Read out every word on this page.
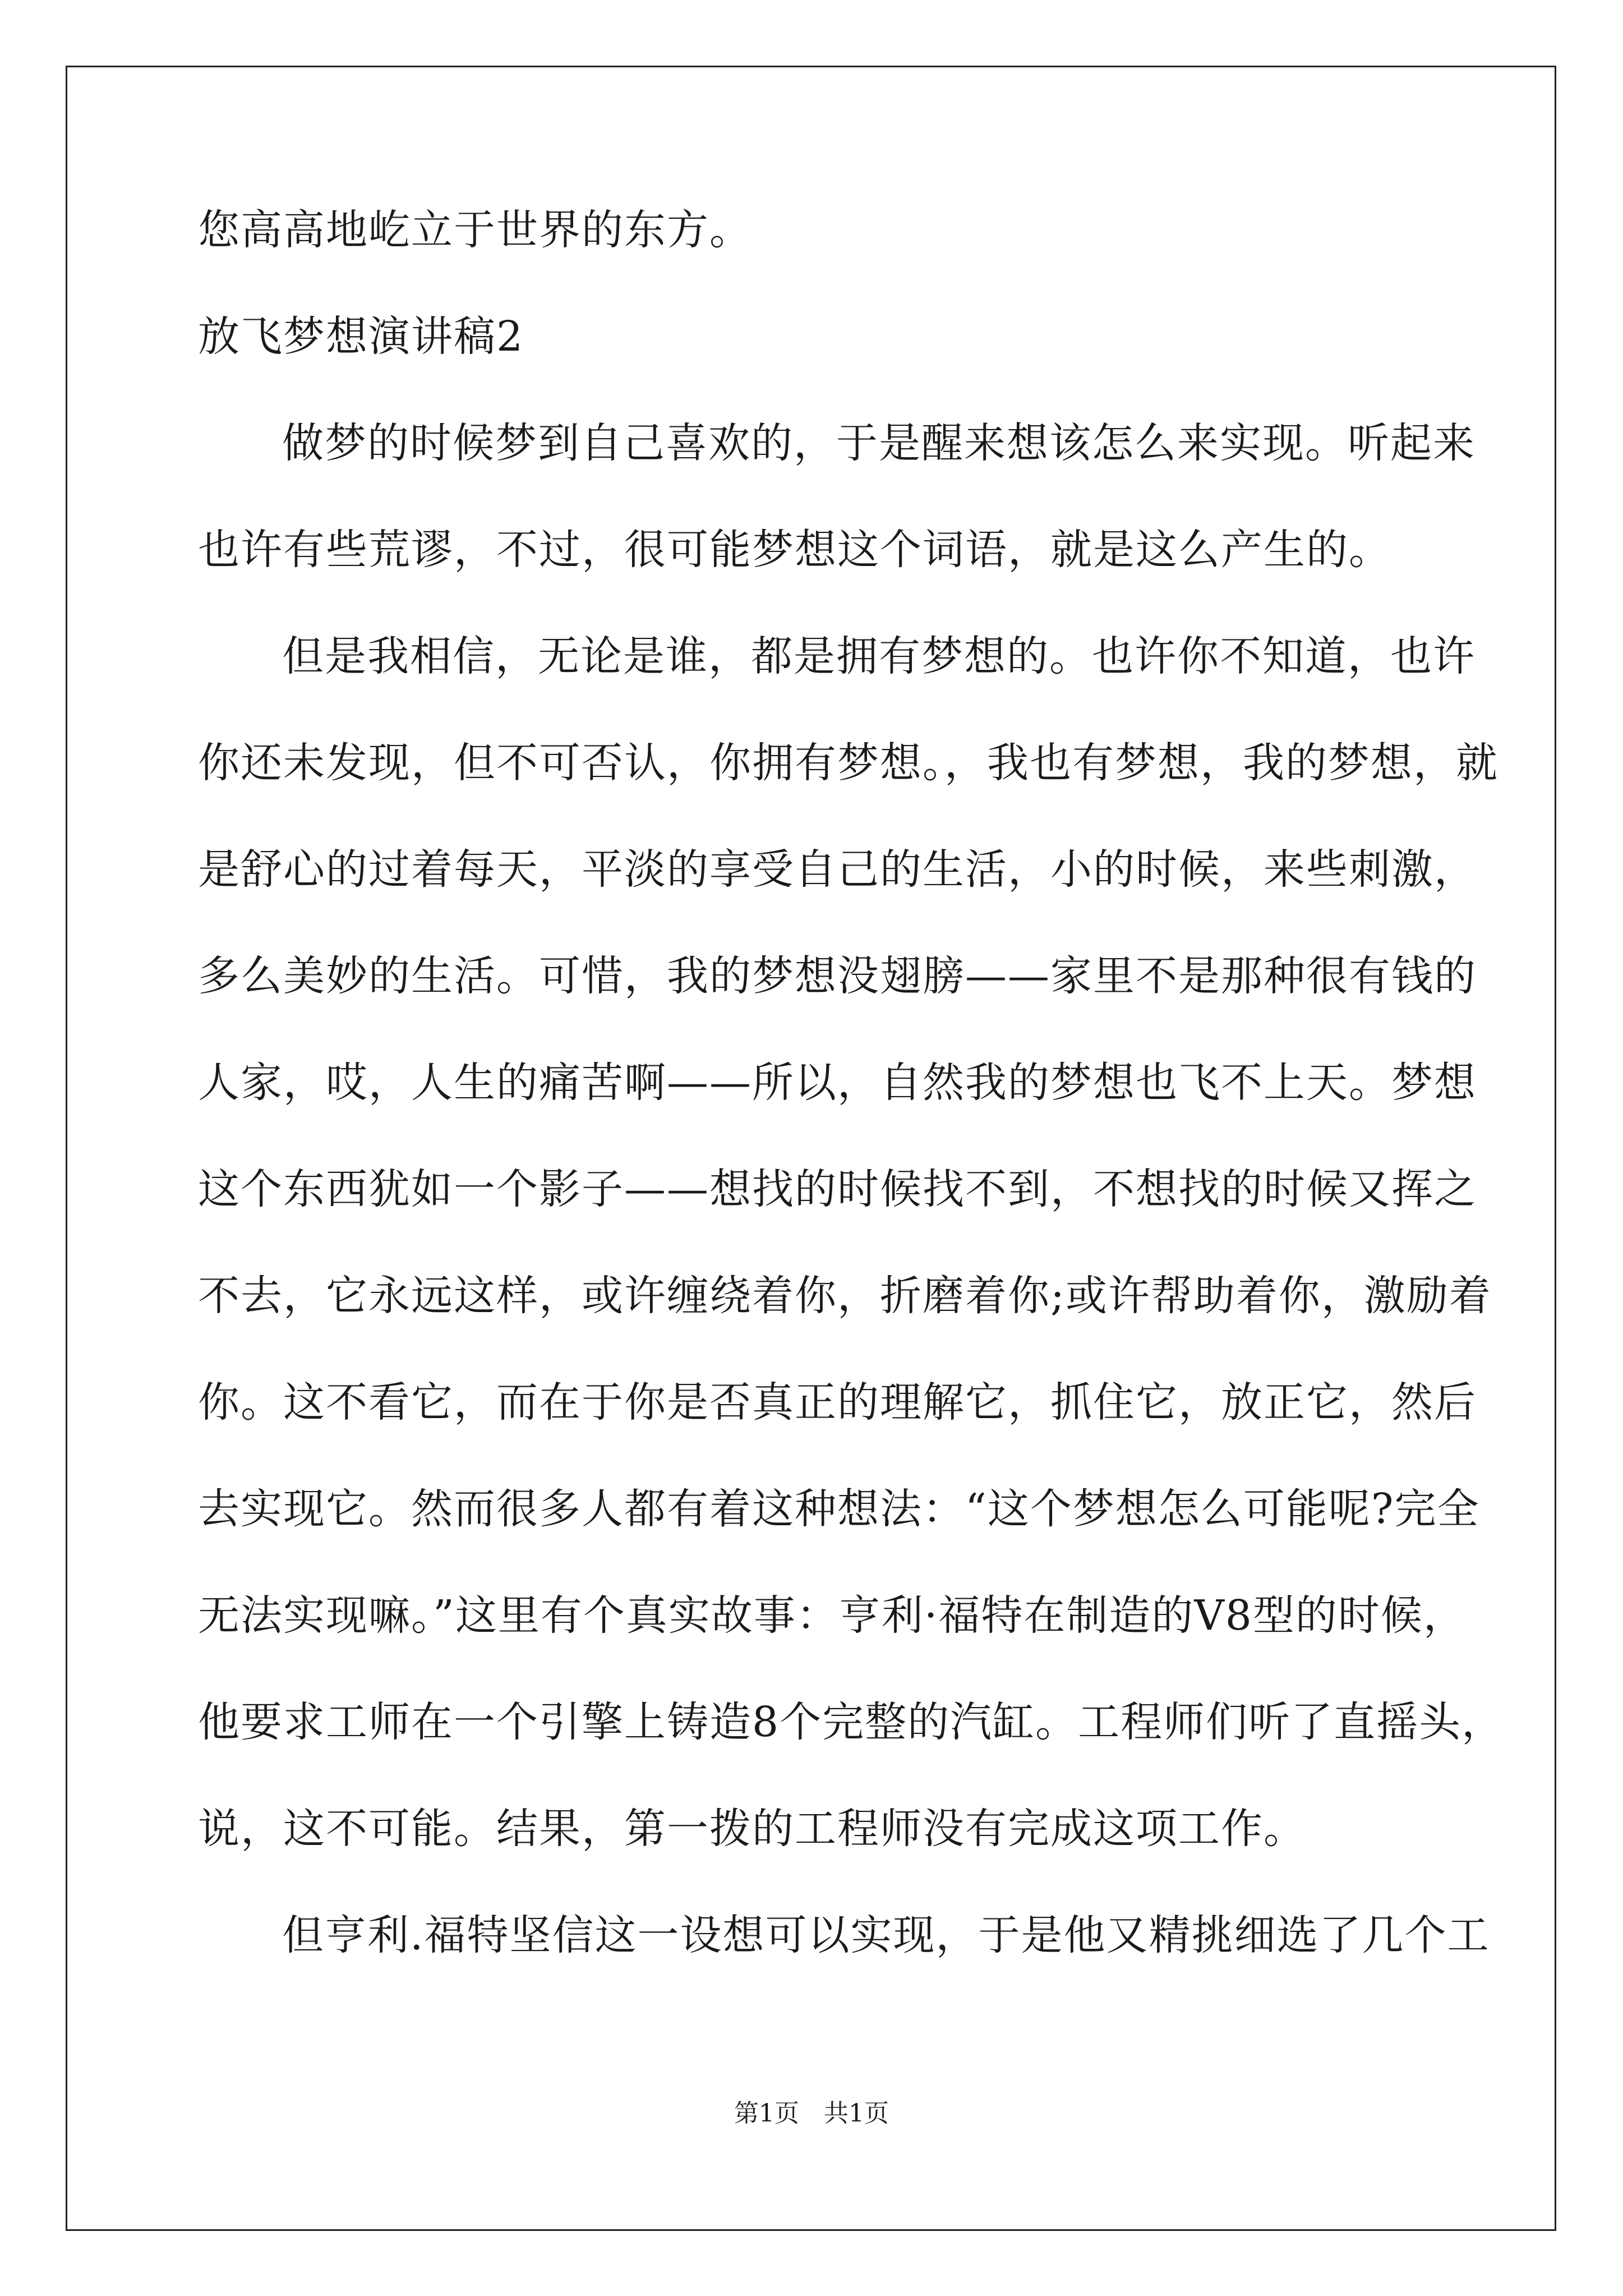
您高高地屹立于世界的东方。
放飞梦想演讲稿2
做梦的时候梦到自己喜欢的，于是醒来想该怎么来实现。听起来
也许有些荒谬，不过，很可能梦想这个词语，就是这么产生的。
但是我相信，无论是谁，都是拥有梦想的。也许你不知道，也许
你还未发现，但不可否认，你拥有梦想。，我也有梦想，我的梦想，就
是舒心的过着每天，平淡的享受自己的生活，小的时候，来些刺激，
多么美妙的生活。可惜，我的梦想没翅膀——家里不是那种很有钱的
人家，哎，人生的痛苦啊——所以，自然我的梦想也飞不上天。梦想
这个东西犹如一个影子——想找的时候找不到，不想找的时候又挥之
不去，它永远这样，或许缠绕着你，折磨着你;或许帮助着你，激励着
你。这不看它，而在于你是否真正的理解它，抓住它，放正它，然后
去实现它。然而很多人都有着这种想法：“这个梦想怎么可能呢?完全
无法实现嘛。”这里有个真实故事：亨利·福特在制造的V8型的时候，
他要求工师在一个引擎上铸造8个完整的汽缸。工程师们听了直摇头，
说，这不可能。结果，第一拨的工程师没有完成这项工作。
但亨利.福特坚信这一设想可以实现，于是他又精挑细选了几个工
第1页　共1页
